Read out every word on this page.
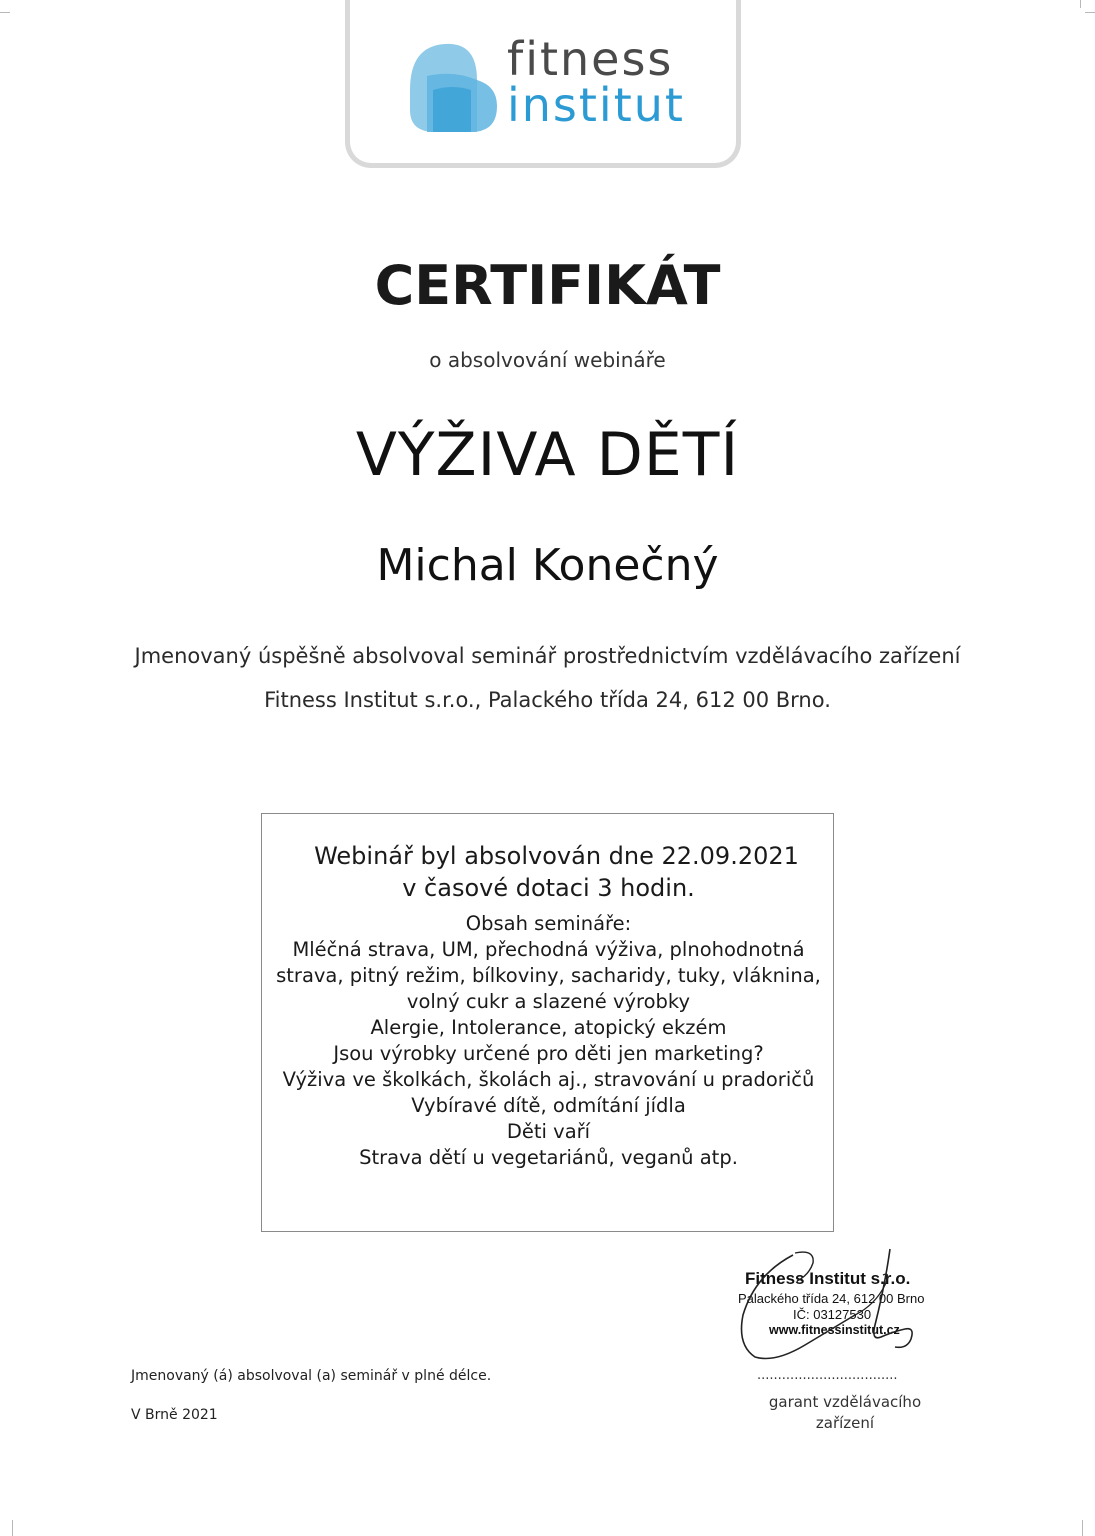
fitness
institut
CERTIFIKÁT
o absolvování webináře
VÝŽIVA DĚTÍ
Michal Konečný
Jmenovaný úspěšně absolvoval seminář prostřednictvím vzdělávacího zařízení
Fitness Institut s.r.o., Palackého třída 24, 612 00 Brno.
Webinář byl absolvován dne 22.09.2021
v časové dotaci 3 hodin.
Obsah semináře:
Mléčná strava, UM, přechodná výživa, plnohodnotná
strava, pitný režim, bílkoviny, sacharidy, tuky, vláknina,
volný cukr a slazené výrobky
Alergie, Intolerance, atopický ekzém
Jsou výrobky určené pro děti jen marketing?
Výživa ve školkách, školách aj., stravování u pradoričů
Vybíravé dítě, odmítání jídla
Děti vaří
Strava dětí u vegetariánů, veganů atp.
Fitness Institut s.r.o.
Palackého třída 24, 612 00 Brno
IČ: 03127530
www.fitnessinstitut.cz
..................................
garant vzdělávacího zařízení
Jmenovaný (á) absolvoval (a) seminář v plné délce.
V Brně 2021
